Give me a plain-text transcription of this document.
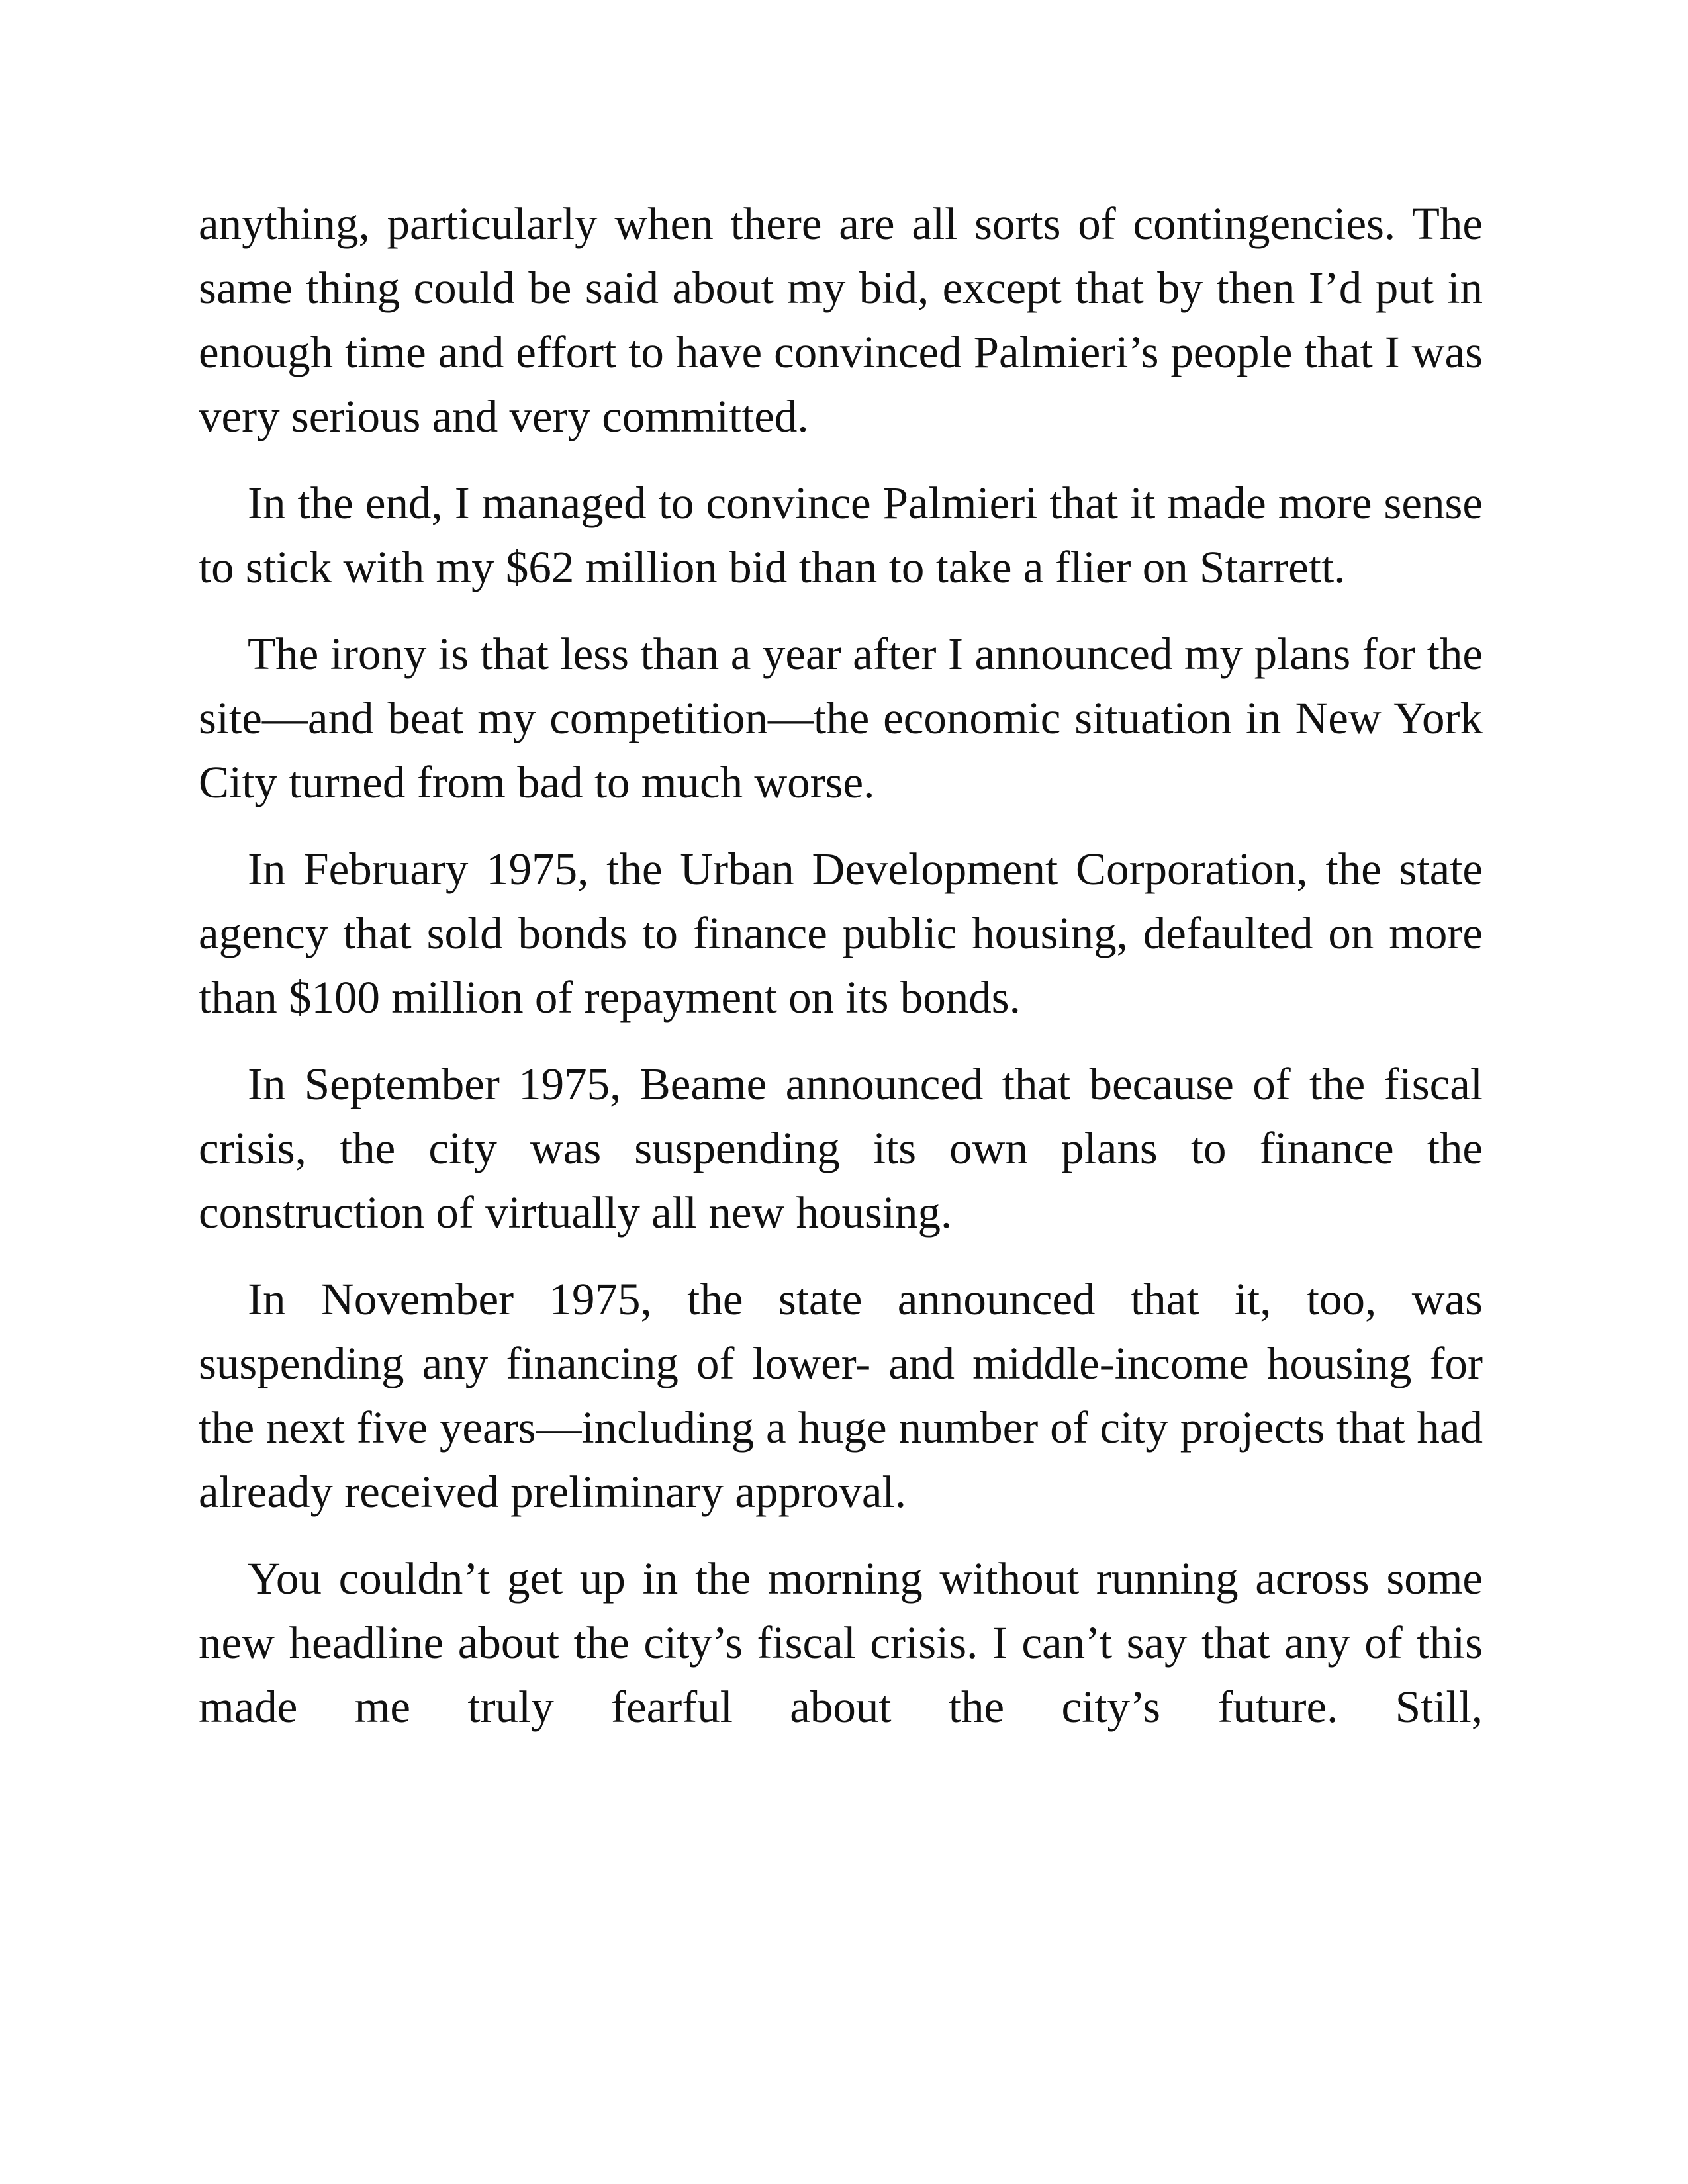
anything, particularly when there are all sorts of contingencies. The same thing could be said about my bid, except that by then I’d put in enough time and effort to have convinced Palmieri’s people that I was very serious and very committed.

In the end, I managed to convince Palmieri that it made more sense to stick with my $62 million bid than to take a flier on Starrett.

The irony is that less than a year after I announced my plans for the site—and beat my competition—the economic situation in New York City turned from bad to much worse.

In February 1975, the Urban Development Corporation, the state agency that sold bonds to finance public housing, defaulted on more than $100 million of repayment on its bonds.

In September 1975, Beame announced that because of the fiscal crisis, the city was suspending its own plans to finance the construction of virtually all new housing.

In November 1975, the state announced that it, too, was suspending any financing of lower- and middle-income housing for the next five years—including a huge number of city projects that had already received preliminary approval.

You couldn’t get up in the morning without running across some new headline about the city’s fiscal crisis. I can’t say that any of this made me truly fearful about the city’s future. Still,
